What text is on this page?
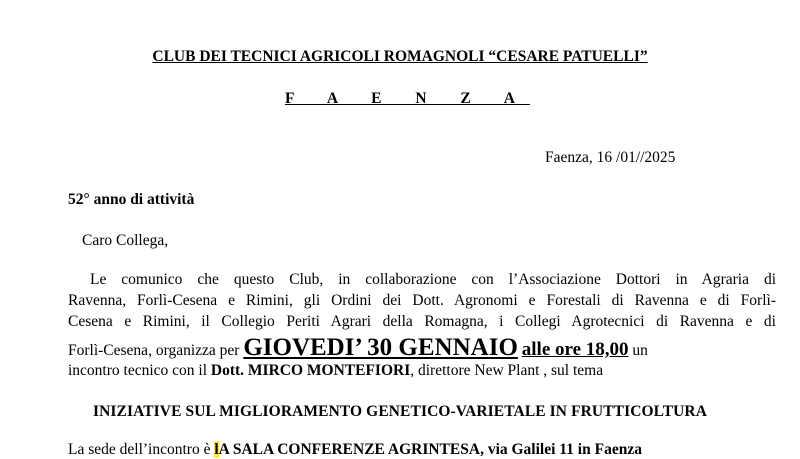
CLUB DEI TECNICI AGRICOLI ROMAGNOLI “CESARE PATUELLI”
F A E N Z A
Faenza, 16 /01//2025
52° anno di attività
Caro Collega,
Le comunico che questo Club, in collaborazione con l’Associazione Dottori in Agraria di
Ravenna, Forlì-Cesena e Rimini, gli Ordini dei Dott. Agronomi e Forestali di Ravenna e di Forlì-
Cesena e Rimini, il Collegio Periti Agrari della Romagna, i Collegi Agrotecnici di Ravenna e di
Forlì-Cesena, organizza per GIOVEDI’ 30 GENNAIO alle ore 18,00 un
incontro tecnico con il Dott. MIRCO MONTEFIORI, direttore New Plant , sul tema
INIZIATIVE SUL MIGLIORAMENTO GENETICO-VARIETALE IN FRUTTICOLTURA
La sede dell’incontro è lA SALA CONFERENZE AGRINTESA, via Galilei 11 in Faenza
